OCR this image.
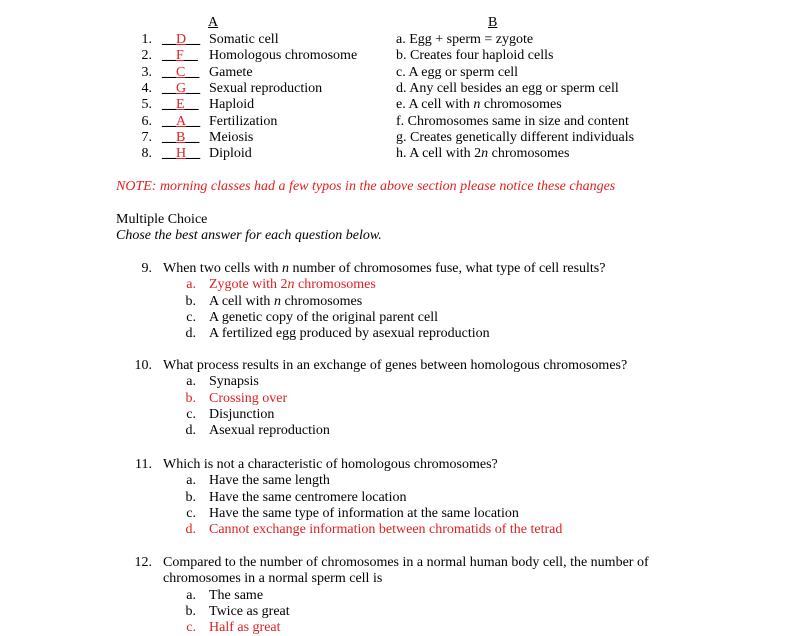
A	B
1. __D__ Somatic cell	a. Egg + sperm = zygote
2. __F__ Homologous chromosome	b. Creates four haploid cells
3. __C__ Gamete	c. A egg or sperm cell
4. __G__ Sexual reproduction	d. Any cell besides an egg or sperm cell
5. __E__ Haploid	e. A cell with n chromosomes
6. __A__ Fertilization	f. Chromosomes same in size and content
7. __B__ Meiosis	g. Creates genetically different individuals
8. __H__ Diploid	h. A cell with 2n chromosomes
NOTE: morning classes had a few typos in the above section please notice these changes
Multiple Choice
Chose the best answer for each question below.
9. When two cells with n number of chromosomes fuse, what type of cell results?
a. Zygote with 2n chromosomes
b. A cell with n chromosomes
c. A genetic copy of the original parent cell
d. A fertilized egg produced by asexual reproduction
10. What process results in an exchange of genes between homologous chromosomes?
a. Synapsis
b. Crossing over
c. Disjunction
d. Asexual reproduction
11. Which is not a characteristic of homologous chromosomes?
a. Have the same length
b. Have the same centromere location
c. Have the same type of information at the same location
d. Cannot exchange information between chromatids of the tetrad
12. Compared to the number of chromosomes in a normal human body cell, the number of
chromosomes in a normal sperm cell is
a. The same
b. Twice as great
c. Half as great
